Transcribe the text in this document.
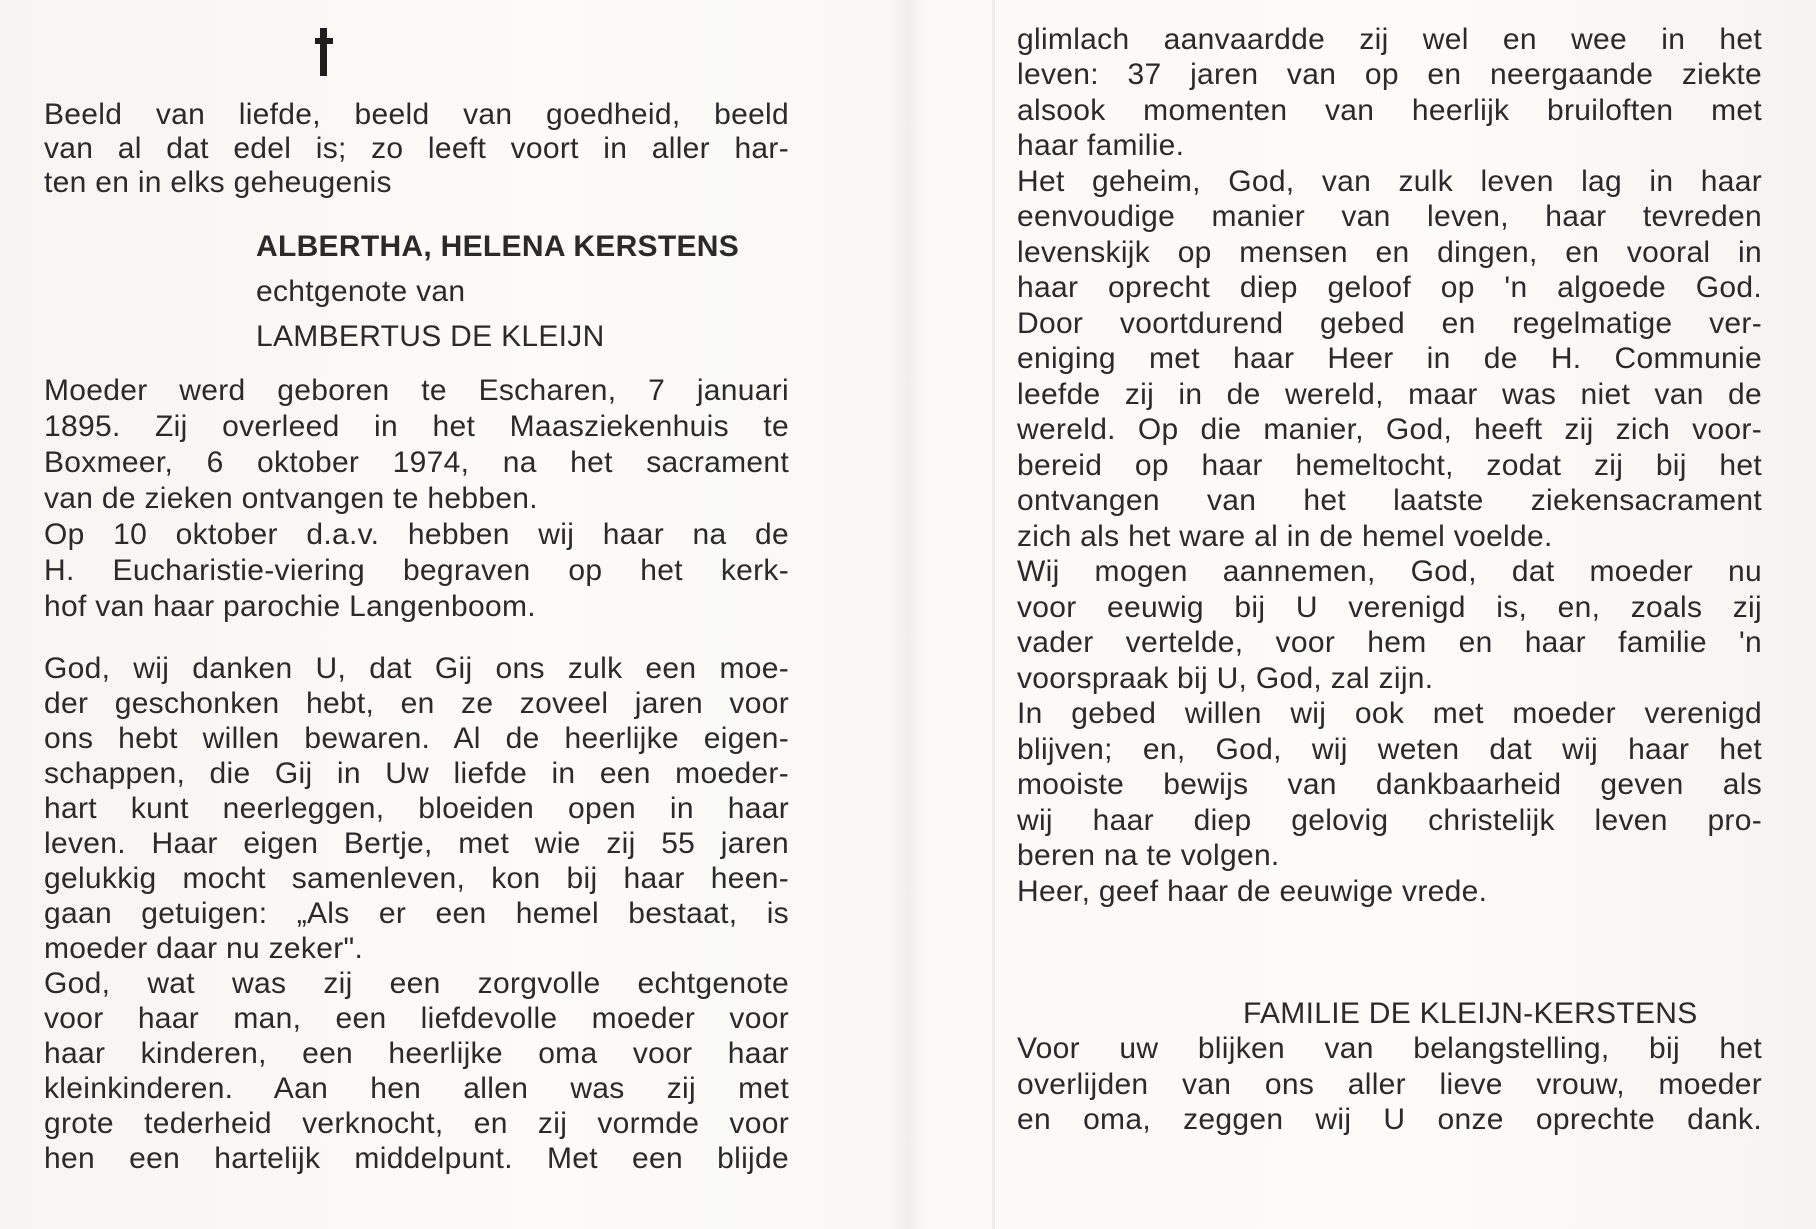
Beeld van liefde, beeld van goedheid, beeld
van al dat edel is; zo leeft voort in aller har-
ten en in elks geheugenis
ALBERTHA, HELENA KERSTENS
echtgenote van
LAMBERTUS DE KLEIJN
Moeder werd geboren te Escharen, 7 januari
1895. Zij overleed in het Maasziekenhuis te
Boxmeer, 6 oktober 1974, na het sacrament
van de zieken ontvangen te hebben.
Op 10 oktober d.a.v. hebben wij haar na de
H. Eucharistie-viering begraven op het kerk-
hof van haar parochie Langenboom.
God, wij danken U, dat Gij ons zulk een moe-
der geschonken hebt, en ze zoveel jaren voor
ons hebt willen bewaren. Al de heerlijke eigen-
schappen, die Gij in Uw liefde in een moeder-
hart kunt neerleggen, bloeiden open in haar
leven. Haar eigen Bertje, met wie zij 55 jaren
gelukkig mocht samenleven, kon bij haar heen-
gaan getuigen: „Als er een hemel bestaat, is
moeder daar nu zeker".
God, wat was zij een zorgvolle echtgenote
voor haar man, een liefdevolle moeder voor
haar kinderen, een heerlijke oma voor haar
kleinkinderen. Aan hen allen was zij met
grote tederheid verknocht, en zij vormde voor
hen een hartelijk middelpunt. Met een blijde
FAMILIE DE KLEIJN-KERSTENS
glimlach aanvaardde zij wel en wee in het
leven: 37 jaren van op en neergaande ziekte
alsook momenten van heerlijk bruiloften met
haar familie.
Het geheim, God, van zulk leven lag in haar
eenvoudige manier van leven, haar tevreden
levenskijk op mensen en dingen, en vooral in
haar oprecht diep geloof op 'n algoede God.
Door voortdurend gebed en regelmatige ver-
eniging met haar Heer in de H. Communie
leefde zij in de wereld, maar was niet van de
wereld. Op die manier, God, heeft zij zich voor-
bereid op haar hemeltocht, zodat zij bij het
ontvangen van het laatste ziekensacrament
zich als het ware al in de hemel voelde.
Wij mogen aannemen, God, dat moeder nu
voor eeuwig bij U verenigd is, en, zoals zij
vader vertelde, voor hem en haar familie 'n
voorspraak bij U, God, zal zijn.
In gebed willen wij ook met moeder verenigd
blijven; en, God, wij weten dat wij haar het
mooiste bewijs van dankbaarheid geven als
wij haar diep gelovig christelijk leven pro-
beren na te volgen.
Heer, geef haar de eeuwige vrede.
Voor uw blijken van belangstelling, bij het
overlijden van ons aller lieve vrouw, moeder
en oma, zeggen wij U onze oprechte dank.
